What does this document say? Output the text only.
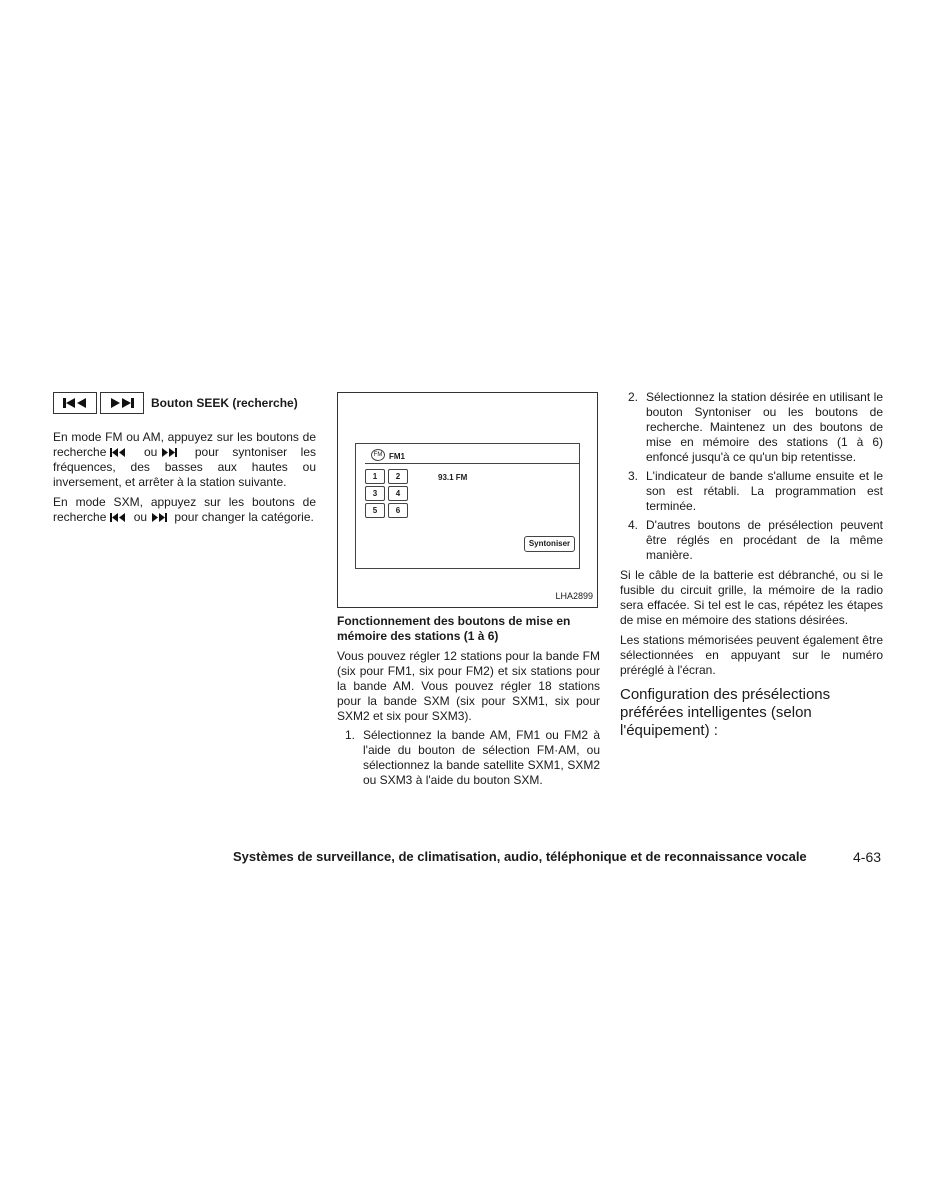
Bouton SEEK (recherche)

En mode FM ou AM, appuyez sur les boutons de recherche	ou	pour syntoniser les fréquences, des basses aux hautes ou inversement, et arrêter à la station suivante.

En mode SXM, appuyez sur les boutons de recherche ou pour changer la catégorie.

FM FM1
1	2
3	4
5	6
93.1 FM
Syntoniser
LHA2899

Fonctionnement des boutons de mise en mémoire des stations (1 à 6)

Vous pouvez régler 12 stations pour la bande FM (six pour FM1, six pour FM2) et six stations pour la bande AM. Vous pouvez régler 18 stations pour la bande SXM (six pour SXM1, six pour SXM2 et six pour SXM3).

1. Sélectionnez la bande AM, FM1 ou FM2 à l'aide du bouton de sélection FM·AM, ou sélectionnez la bande satellite SXM1, SXM2 ou SXM3 à l'aide du bouton SXM.
2. Sélectionnez la station désirée en utilisant le bouton Syntoniser ou les boutons de recherche. Maintenez un des boutons de mise en mémoire des stations (1 à 6) enfoncé jusqu'à ce qu'un bip retentisse.
3. L'indicateur de bande s'allume ensuite et le son est rétabli. La programmation est terminée.
4. D'autres boutons de présélection peuvent être réglés en procédant de la même manière.

Si le câble de la batterie est débranché, ou si le fusible du circuit grille, la mémoire de la radio sera effacée. Si tel est le cas, répétez les étapes de mise en mémoire des stations désirées.

Les stations mémorisées peuvent également être sélectionnées en appuyant sur le numéro préréglé à l'écran.

Configuration des présélections préférées intelligentes (selon l'équipement) :

Systèmes de surveillance, de climatisation, audio, téléphonique et de reconnaissance vocale	4-63
